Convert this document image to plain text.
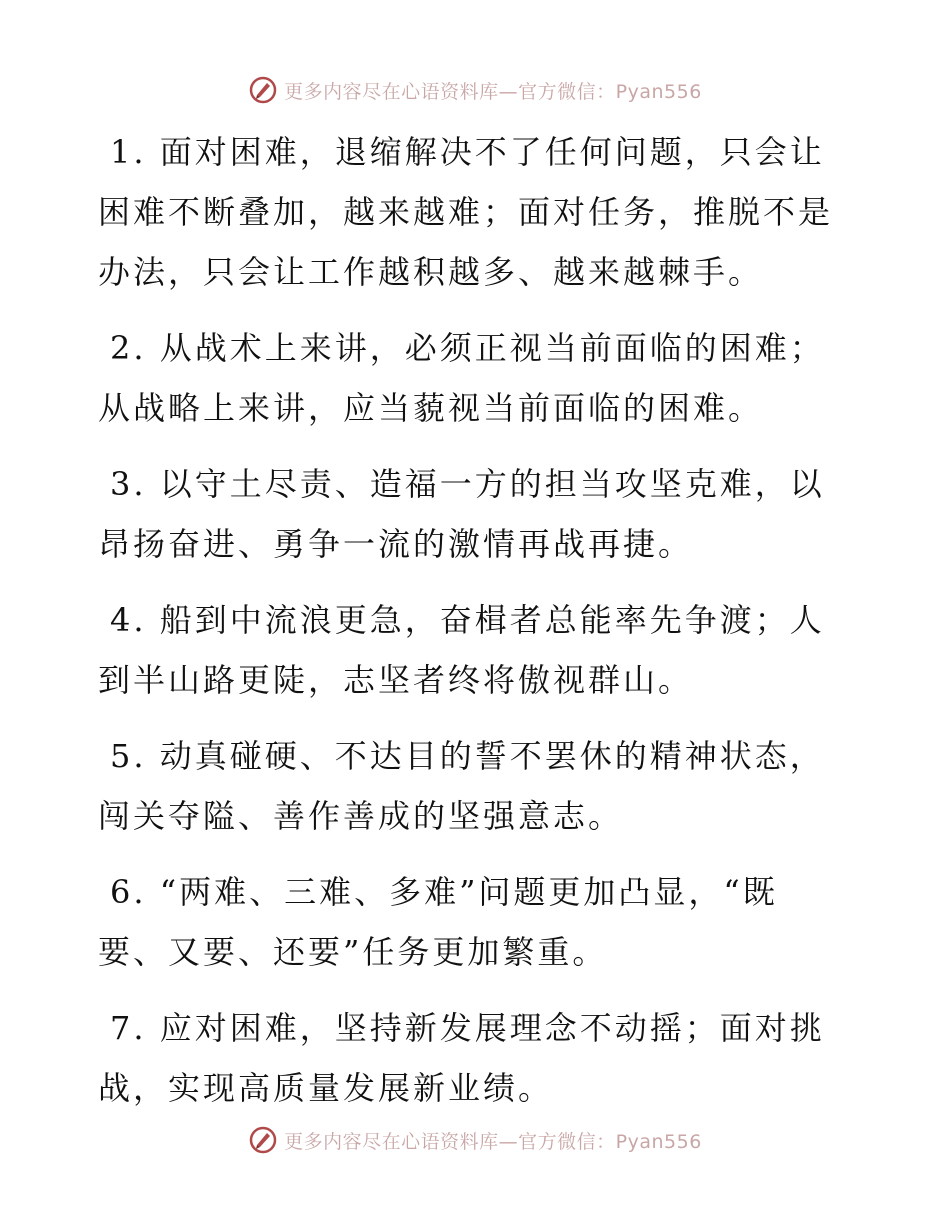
更多内容尽在心语资料库—官方微信：Pyan556

1. 面对困难，退缩解决不了任何问题，只会让困难不断叠加，越来越难；面对任务，推脱不是办法，只会让工作越积越多、越来越棘手。

2. 从战术上来讲，必须正视当前面临的困难；从战略上来讲，应当藐视当前面临的困难。

3. 以守土尽责、造福一方的担当攻坚克难，以昂扬奋进、勇争一流的激情再战再捷。

4. 船到中流浪更急，奋楫者总能率先争渡；人到半山路更陡，志坚者终将傲视群山。

5. 动真碰硬、不达目的誓不罢休的精神状态，闯关夺隘、善作善成的坚强意志。

6. “两难、三难、多难”问题更加凸显，“既要、又要、还要”任务更加繁重。

7. 应对困难，坚持新发展理念不动摇；面对挑战，实现高质量发展新业绩。

更多内容尽在心语资料库—官方微信：Pyan556
